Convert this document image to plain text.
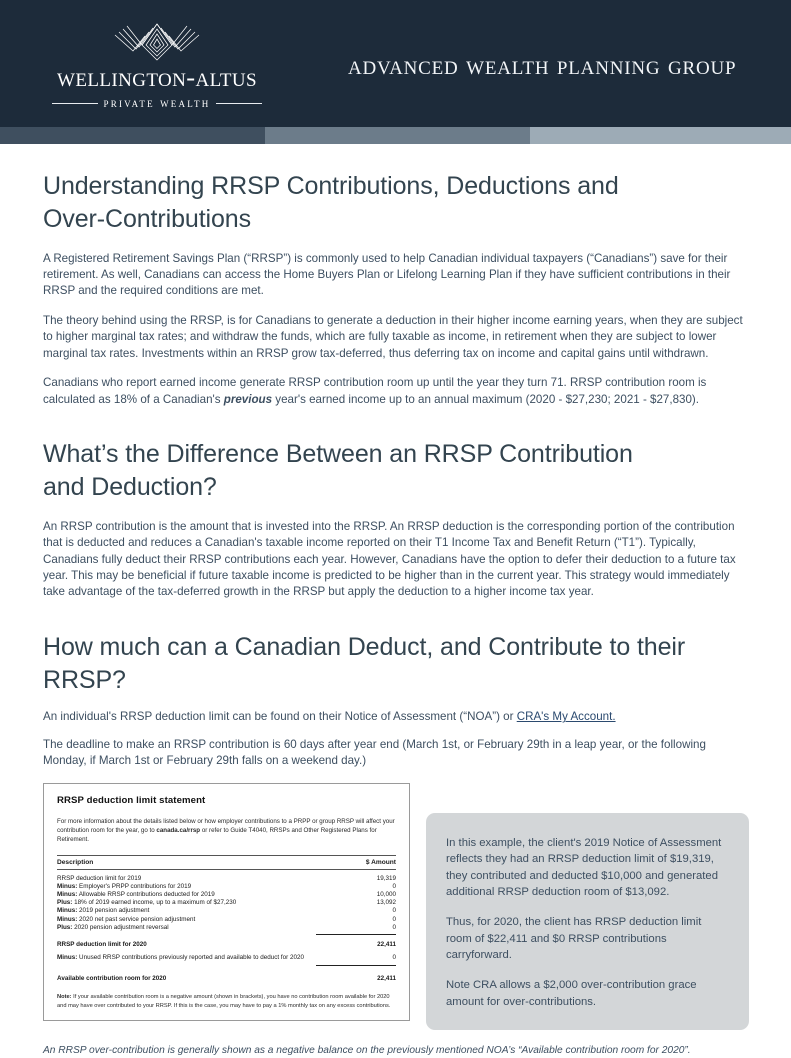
wellington-altus
private wealth
advanced wealth planning group
Understanding RRSP Contributions, Deductions and Over-Contributions

A Registered Retirement Savings Plan (“RRSP”) is commonly used to help Canadian individual taxpayers (“Canadians”) save for their retirement. As well, Canadians can access the Home Buyers Plan or Lifelong Learning Plan if they have sufficient contributions in their RRSP and the required conditions are met.

The theory behind using the RRSP, is for Canadians to generate a deduction in their higher income earning years, when they are subject to higher marginal tax rates; and withdraw the funds, which are fully taxable as income, in retirement when they are subject to lower marginal tax rates. Investments within an RRSP grow tax-deferred, thus deferring tax on income and capital gains until withdrawn.

Canadians who report earned income generate RRSP contribution room up until the year they turn 71. RRSP contribution room is calculated as 18% of a Canadian's previous year's earned income up to an annual maximum (2020 - $27,230; 2021 - $27,830).

What’s the Difference Between an RRSP Contribution and Deduction?

An RRSP contribution is the amount that is invested into the RRSP. An RRSP deduction is the corresponding portion of the contribution that is deducted and reduces a Canadian's taxable income reported on their T1 Income Tax and Benefit Return (“T1”). Typically, Canadians fully deduct their RRSP contributions each year. However, Canadians have the option to defer their deduction to a future tax year. This may be beneficial if future taxable income is predicted to be higher than in the current year. This strategy would immediately take advantage of the tax-deferred growth in the RRSP but apply the deduction to a higher income tax year.

How much can a Canadian Deduct, and Contribute to their RRSP?

An individual's RRSP deduction limit can be found on their Notice of Assessment (“NOA”) or CRA's My Account.

The deadline to make an RRSP contribution is 60 days after year end (March 1st, or February 29th in a leap year, or the following Monday, if March 1st or February 29th falls on a weekend day.)

RRSP deduction limit statement
For more information about the details listed below or how employer contributions to a PRPP or group RRSP will affect your contribution room for the year, go to canada.ca/rrsp or refer to Guide T4040, RRSPs and Other Registered Plans for Retirement.
Description	$ Amount

RRSP deduction limit for 2019	19,319
Minus: Employer's PRPP contributions for 2019	0
Minus: Allowable RRSP contributions deducted for 2019	10,000
Plus: 18% of 2019 earned income, up to a maximum of $27,230	13,092
Minus: 2019 pension adjustment	0
Minus: 2020 net past service pension adjustment	0
Plus: 2020 pension adjustment reversal	0

RRSP deduction limit for 2020	22,411

Minus: Unused RRSP contributions previously reported and available to deduct for 2020	0

Available contribution room for 2020	22,411
Note: If your available contribution room is a negative amount (shown in brackets), you have no contribution room available for 2020 and may have over contributed to your RRSP. If this is the case, you may have to pay a 1% monthly tax on any excess contributions.

In this example, the client's 2019 Notice of Assessment reflects they had an RRSP deduction limit of $19,319, they contributed and deducted $10,000 and generated additional RRSP deduction room of $13,092.

Thus, for 2020, the client has RRSP deduction limit room of $22,411 and $0 RRSP contributions carryforward.

Note CRA allows a $2,000 over-contribution grace amount for over-contributions.

An RRSP over-contribution is generally shown as a negative balance on the previously mentioned NOA’s “Available contribution room for 2020”.
